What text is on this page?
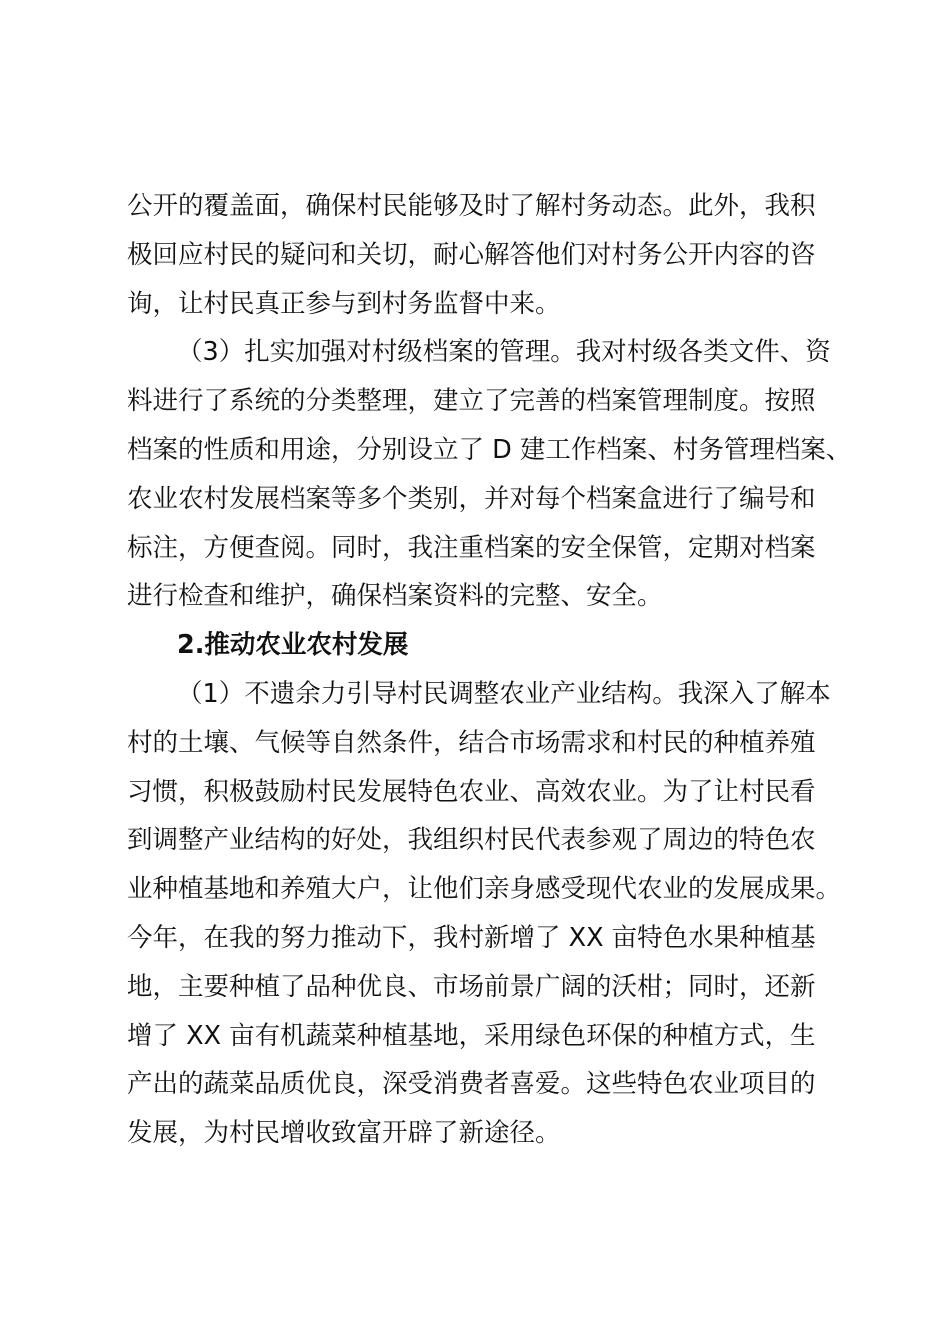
公开的覆盖面，确保村民能够及时了解村务动态。此外，我积
极回应村民的疑问和关切，耐心解答他们对村务公开内容的咨
询，让村民真正参与到村务监督中来。
（3）扎实加强对村级档案的管理。我对村级各类文件、资
料进行了系统的分类整理，建立了完善的档案管理制度。按照
档案的性质和用途，分别设立了 D 建工作档案、村务管理档案、
农业农村发展档案等多个类别，并对每个档案盒进行了编号和
标注，方便查阅。同时，我注重档案的安全保管，定期对档案
进行检查和维护，确保档案资料的完整、安全。
2.推动农业农村发展
（1）不遗余力引导村民调整农业产业结构。我深入了解本
村的土壤、气候等自然条件，结合市场需求和村民的种植养殖
习惯，积极鼓励村民发展特色农业、高效农业。为了让村民看
到调整产业结构的好处，我组织村民代表参观了周边的特色农
业种植基地和养殖大户，让他们亲身感受现代农业的发展成果。
今年，在我的努力推动下，我村新增了 XX 亩特色水果种植基
地，主要种植了品种优良、市场前景广阔的沃柑；同时，还新
增了 XX 亩有机蔬菜种植基地，采用绿色环保的种植方式，生
产出的蔬菜品质优良，深受消费者喜爱。这些特色农业项目的
发展，为村民增收致富开辟了新途径。
